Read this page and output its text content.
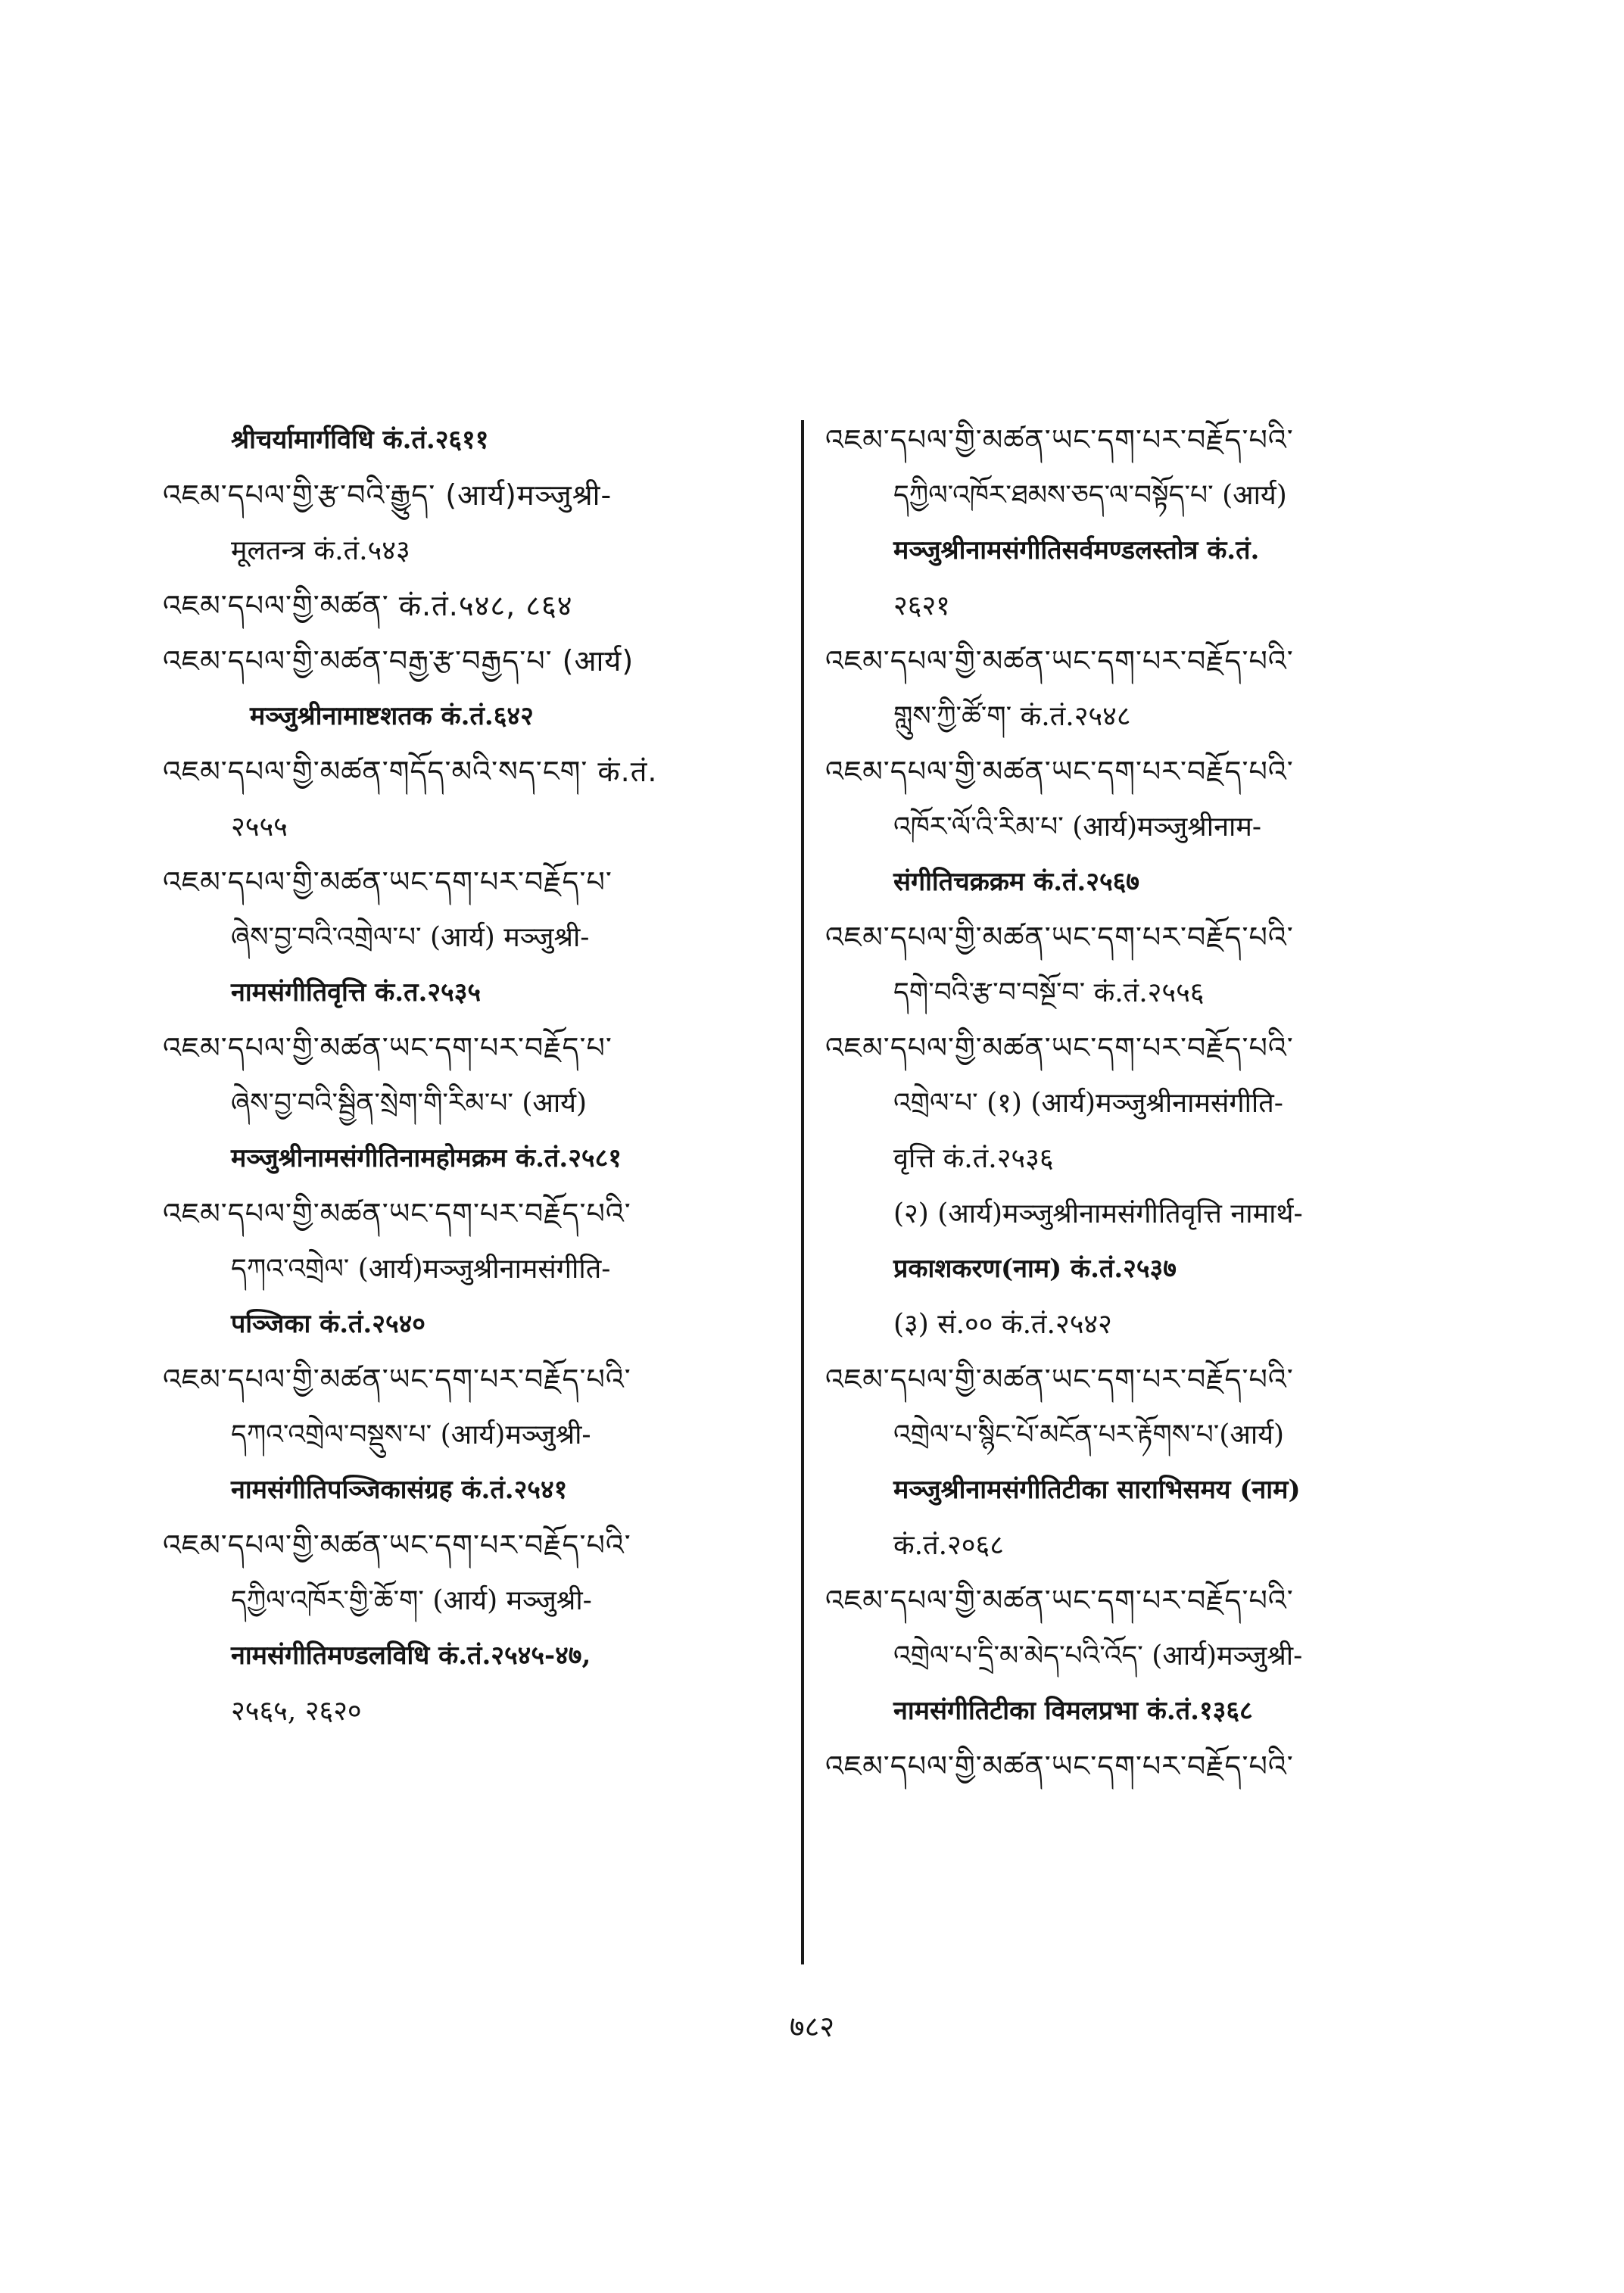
श्रीचर्यामार्गविधि कं.तं.२६११
འཇམ་དཔལ་གྱི་རྩ་བའི་རྒྱུད་ (आर्य)मञ्जुश्री-
मूलतन्त्र कं.तं.५४३
འཇམ་དཔལ་གྱི་མཚན་ कं.तं.५४८, ८६४
འཇམ་དཔལ་གྱི་མཚན་བརྒྱ་རྩ་བརྒྱད་པ་ (आर्य)
मञ्जुश्रीनामाष्टशतक कं.तं.६४२
འཇམ་དཔལ་གྱི་མཚན་གདོད་མའི་སད་ངག་ कं.तं.
२५५५
འཇམ་དཔལ་གྱི་མཚན་ཡང་དག་པར་བརྗོད་པ་
ཞེས་བྱ་བའི་འགྲེལ་པ་ (आर्य) मञ्जुश्री-
नामसंगीतिवृत्ति कं.त.२५३५
འཇམ་དཔལ་གྱི་མཚན་ཡང་དག་པར་བརྗོད་པ་
ཞེས་བྱ་བའི་སྦྱིན་སྲེག་གི་རིམ་པ་ (आर्य)
मञ्जुश्रीनामसंगीतिनामहोमक्रम कं.तं.२५८१
འཇམ་དཔལ་གྱི་མཚན་ཡང་དག་པར་བརྗོད་པའི་
དཀའ་འགྲེལ་ (आर्य)मञ्जुश्रीनामसंगीति-
पञ्जिका कं.तं.२५४०
འཇམ་དཔལ་གྱི་མཚན་ཡང་དག་པར་བརྗོད་པའི་
དཀའ་འགྲེལ་བསྡུས་པ་ (आर्य)मञ्जुश्री-
नामसंगीतिपञ्जिकासंग्रह कं.तं.२५४१
འཇམ་དཔལ་གྱི་མཚན་ཡང་དག་པར་བརྗོད་པའི་
དཀྱིལ་འཁོར་གྱི་ཆོ་ག་ (आर्य) मञ्जुश्री-
नामसंगीतिमण्डलविधि कं.तं.२५४५-४७,
२५६५, २६२०
འཇམ་དཔལ་གྱི་མཚན་ཡང་དག་པར་བརྗོད་པའི་
དཀྱིལ་འཁོར་ཐམས་ཅད་ལ་བསྟོད་པ་ (आर्य)
मञ्जुश्रीनामसंगीतिसर्वमण्डलस्तोत्र कं.तं.
२६२१
འཇམ་དཔལ་གྱི་མཚན་ཡང་དག་པར་བརྗོད་པའི་
གླུས་ཀྱི་ཚོ་ག་ कं.तं.२५४८
འཇམ་དཔལ་གྱི་མཚན་ཡང་དག་པར་བརྗོད་པའི་
འཁོར་ལོ་འི་རིམ་པ་ (आर्य)मञ्जुश्रीनाम-
संगीतिचक्रक्रम कं.तं.२५६७
འཇམ་དཔལ་གྱི་མཚན་ཡང་དག་པར་བརྗོད་པའི་
དགེ་བའི་རྩ་བ་བསྔོ་བ་ कं.तं.२५५६
འཇམ་དཔལ་གྱི་མཚན་ཡང་དག་པར་བརྗོད་པའི་
འགྲེལ་པ་ (१) (आर्य)मञ्जुश्रीनामसंगीति-
वृत्ति कं.तं.२५३६
(२) (आर्य)मञ्जुश्रीनामसंगीतिवृत्ति नामार्थ-
प्रकाशकरण(नाम) कं.तं.२५३७
(३) सं.०० कं.तं.२५४२
འཇམ་དཔལ་གྱི་མཚན་ཡང་དག་པར་བརྗོད་པའི་
འགྲེལ་པ་སྙིང་པོ་མངོན་པར་རྟོགས་པ་(आर्य)
मञ्जुश्रीनामसंगीतिटीका साराभिसमय (नाम)
कं.तं.२०६८
འཇམ་དཔལ་གྱི་མཚན་ཡང་དག་པར་བརྗོད་པའི་
འགྲེལ་པ་དྲི་མ་མེད་པའི་འོད་ (आर्य)मञ्जुश्री-
नामसंगीतिटीका विमलप्रभा कं.तं.१३६८
འཇམ་དཔལ་གྱི་མཚན་ཡང་དག་པར་བརྗོད་པའི་
७८२
